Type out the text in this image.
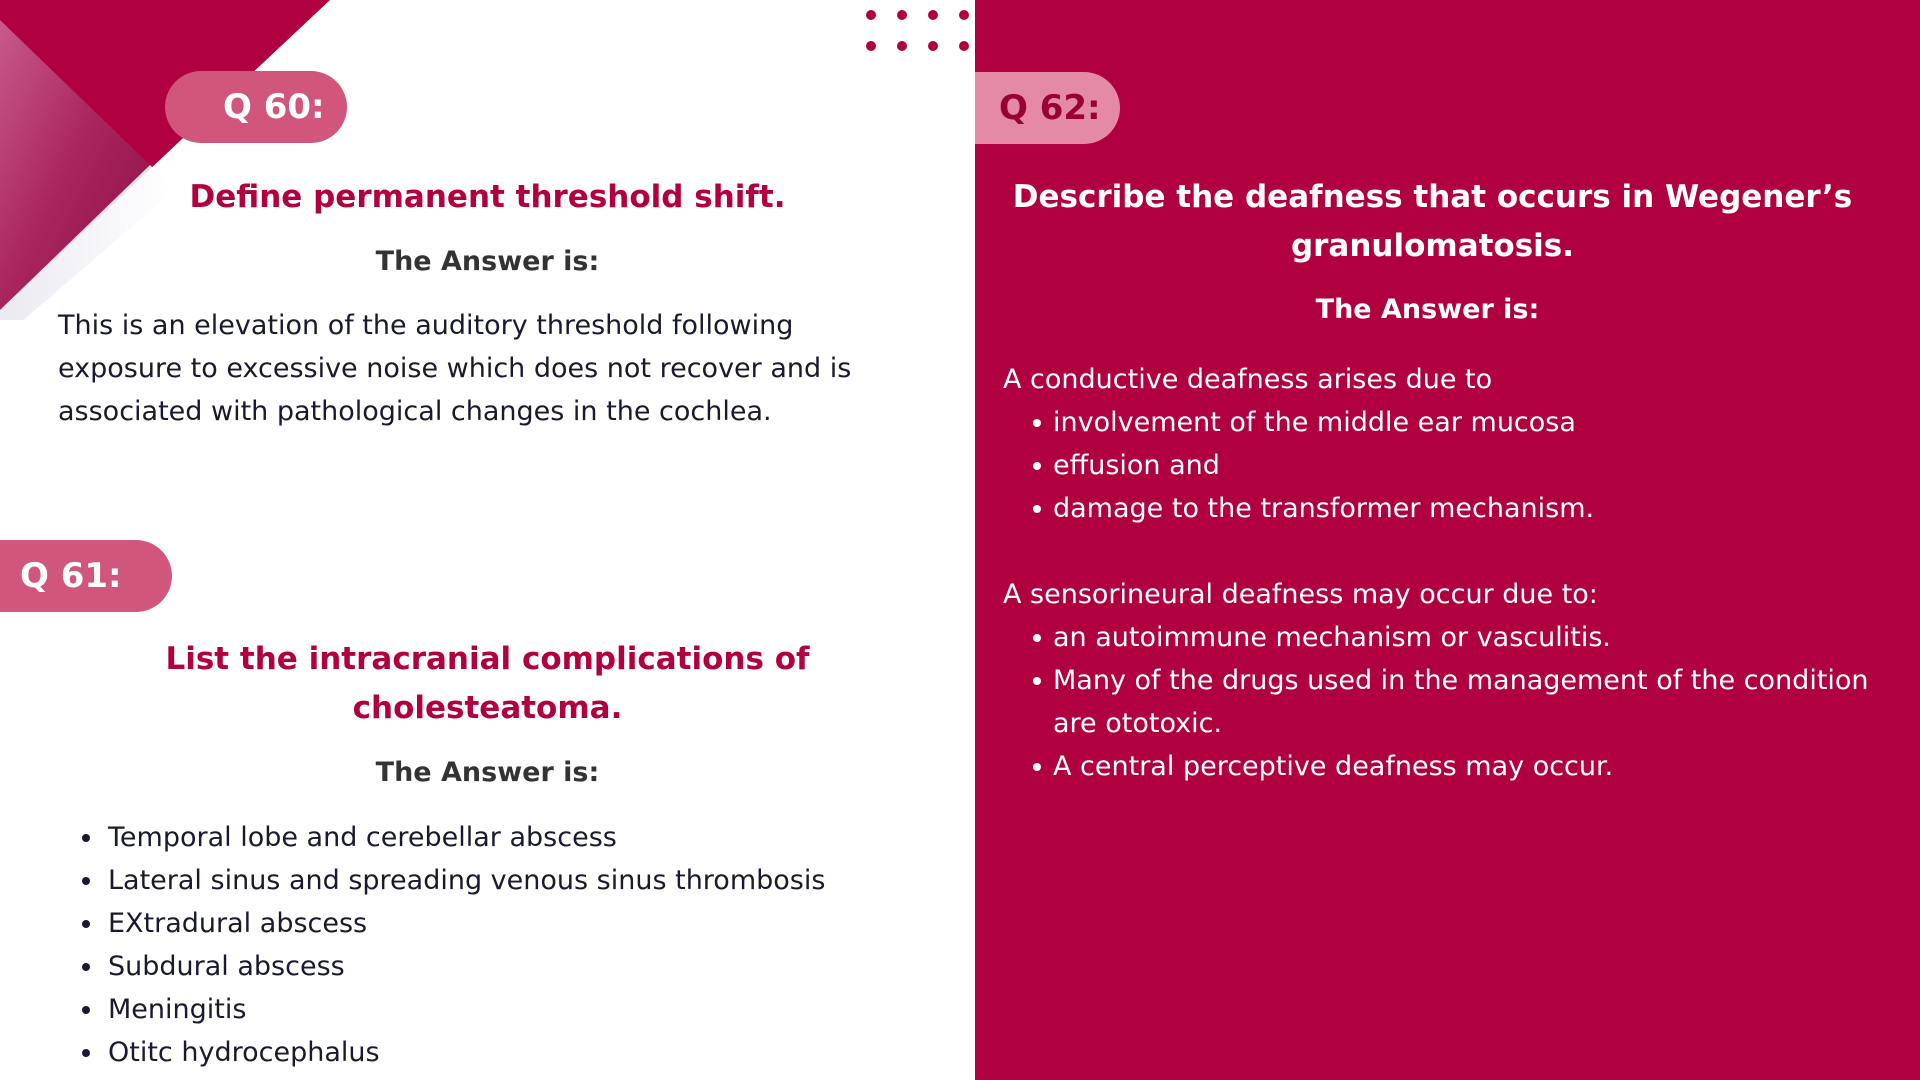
Q 60:
Define permanent threshold shift.

The Answer is:

This is an elevation of the auditory threshold following exposure to excessive noise which does not recover and is associated with pathological changes in the cochlea.

Q 61:
List the intracranial complications of cholesteatoma.

The Answer is:

Temporal lobe and cerebellar abscess
Lateral sinus and spreading venous sinus thrombosis
EXtradural abscess
Subdural abscess
Meningitis
Otitc hydrocephalus
Q 62:
Describe the deafness that occurs in Wegener’s granulomatosis.

The Answer is:

A conductive deafness arises due to

involvement of the middle ear mucosa
effusion and
damage to the transformer mechanism.

A sensorineural deafness may occur due to:

an autoimmune mechanism or vasculitis.
Many of the drugs used in the management of the condition are ototoxic.
A central perceptive deafness may occur.
